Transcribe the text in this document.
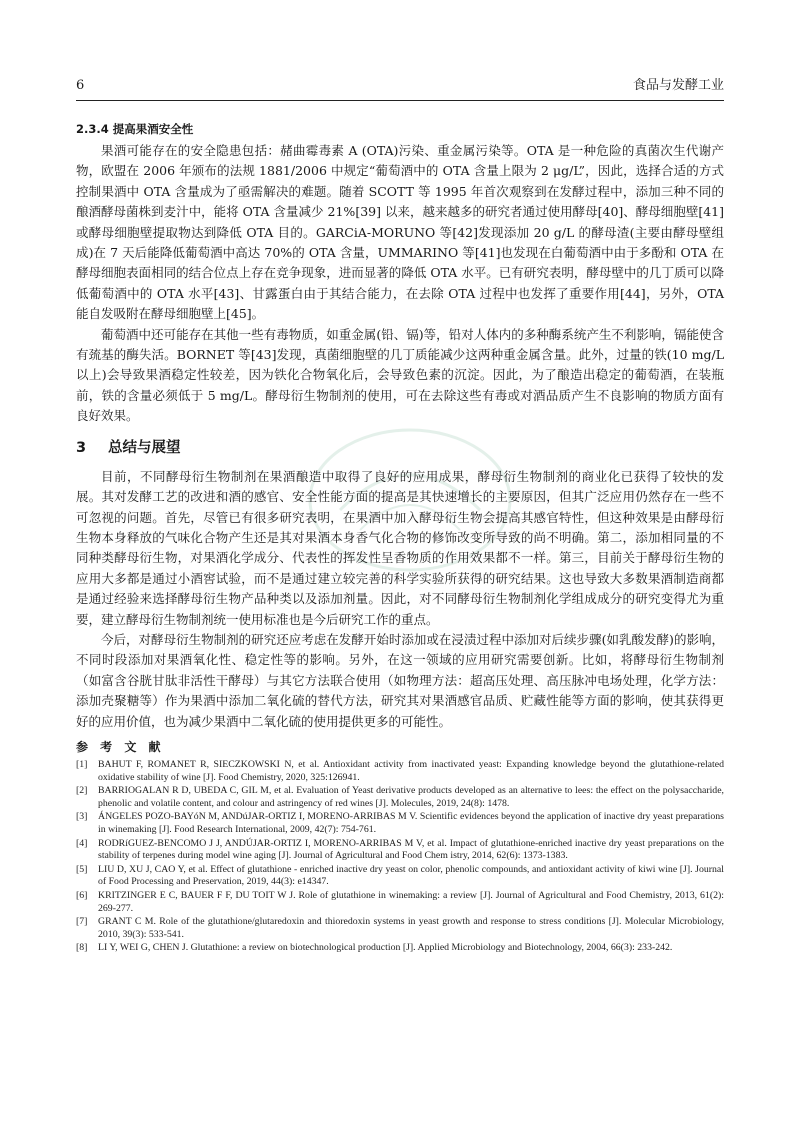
6	食品与发酵工业
2.3.4 提高果酒安全性

果酒可能存在的安全隐患包括：赭曲霉毒素 A (OTA)污染、重金属污染等。OTA 是一种危险的真菌次生代谢产物，欧盟在 2006 年颁布的法规 1881/2006 中规定“葡萄酒中的 OTA 含量上限为 2 μg/L”，因此，选择合适的方式控制果酒中 OTA 含量成为了亟需解决的难题。随着 SCOTT 等 1995 年首次观察到在发酵过程中，添加三种不同的酿酒酵母菌株到麦汁中，能将 OTA 含量减少 21%[39] 以来，越来越多的研究者通过使用酵母[40]、酵母细胞壁[41]或酵母细胞壁提取物达到降低 OTA 目的。GARCiA-MORUNO 等[42]发现添加 20 g/L 的酵母渣(主要由酵母壁组成)在 7 天后能降低葡萄酒中高达 70%的 OTA 含量，UMMARINO 等[41]也发现在白葡萄酒中由于多酚和 OTA 在酵母细胞表面相同的结合位点上存在竞争现象，进而显著的降低 OTA 水平。已有研究表明，酵母壁中的几丁质可以降低葡萄酒中的 OTA 水平[43]、甘露蛋白由于其结合能力，在去除 OTA 过程中也发挥了重要作用[44]，另外，OTA 能自发吸附在酵母细胞壁上[45]。

葡萄酒中还可能存在其他一些有毒物质，如重金属(铅、镉)等，铅对人体内的多种酶系统产生不利影响，镉能使含有巯基的酶失活。BORNET 等[43]发现，真菌细胞壁的几丁质能减少这两种重金属含量。此外，过量的铁(10 mg/L 以上)会导致果酒稳定性较差，因为铁化合物氧化后，会导致色素的沉淀。因此，为了酿造出稳定的葡萄酒，在装瓶前，铁的含量必须低于 5 mg/L。酵母衍生物制剂的使用，可在去除这些有毒或对酒品质产生不良影响的物质方面有良好效果。

3 总结与展望

目前，不同酵母衍生物制剂在果酒酿造中取得了良好的应用成果，酵母衍生物制剂的商业化已获得了较快的发展。其对发酵工艺的改进和酒的感官、安全性能方面的提高是其快速增长的主要原因，但其广泛应用仍然存在一些不可忽视的问题。首先，尽管已有很多研究表明，在果酒中加入酵母衍生物会提高其感官特性，但这种效果是由酵母衍生物本身释放的气味化合物产生还是其对果酒本身香气化合物的修饰改变所导致的尚不明确。第二，添加相同量的不同种类酵母衍生物，对果酒化学成分、代表性的挥发性呈香物质的作用效果都不一样。第三，目前关于酵母衍生物的应用大多都是通过小酒窖试验，而不是通过建立较完善的科学实验所获得的研究结果。这也导致大多数果酒制造商都是通过经验来选择酵母衍生物产品种类以及添加剂量。因此，对不同酵母衍生物制剂化学组成成分的研究变得尤为重要，建立酵母衍生物制剂统一使用标准也是今后研究工作的重点。

今后，对酵母衍生物制剂的研究还应考虑在发酵开始时添加或在浸渍过程中添加对后续步骤(如乳酸发酵)的影响，不同时段添加对果酒氧化性、稳定性等的影响。另外，在这一领域的应用研究需要创新。比如，将酵母衍生物制剂（如富含谷胱甘肽非活性干酵母）与其它方法联合使用（如物理方法：超高压处理、高压脉冲电场处理，化学方法：添加壳聚糖等）作为果酒中添加二氧化硫的替代方法，研究其对果酒感官品质、贮藏性能等方面的影响，使其获得更好的应用价值，也为减少果酒中二氧化硫的使用提供更多的可能性。

参 考 文 献
[1]	BAHUT F, ROMANET R, SIECZKOWSKI N, et al. Antioxidant activity from inactivated yeast: Expanding knowledge beyond the glutathione-related oxidative stability of wine [J]. Food Chemistry, 2020, 325:126941.
[2]	BARRIOGALAN R D, UBEDA C, GIL M, et al. Evaluation of Yeast derivative products developed as an alternative to lees: the effect on the polysaccharide, phenolic and volatile content, and colour and astringency of red wines [J]. Molecules, 2019, 24(8): 1478.
[3]	ÁNGELES POZO-BAYóN M, ANDúJAR-ORTIZ I, MORENO-ARRIBAS M V. Scientific evidences beyond the application of inactive dry yeast preparations in winemaking [J]. Food Research International, 2009, 42(7): 754-761.
[4]	RODRíGUEZ-BENCOMO J J, ANDÚJAR-ORTIZ I, MORENO-ARRIBAS M V, et al. Impact of glutathione-enriched inactive dry yeast preparations on the stability of terpenes during model wine aging [J]. Journal of Agricultural and Food Chem istry, 2014, 62(6): 1373-1383.
[5]	LIU D, XU J, CAO Y, et al. Effect of glutathione - enriched inactive dry yeast on color, phenolic compounds, and antioxidant activity of kiwi wine [J]. Journal of Food Processing and Preservation, 2019, 44(3): e14347.
[6]	KRITZINGER E C, BAUER F F, DU TOIT W J. Role of glutathione in winemaking: a review [J]. Journal of Agricultural and Food Chemistry, 2013, 61(2): 269-277.
[7]	GRANT C M. Role of the glutathione/glutaredoxin and thioredoxin systems in yeast growth and response to stress conditions [J]. Molecular Microbiology, 2010, 39(3): 533-541.
[8]	LI Y, WEI G, CHEN J. Glutathione: a review on biotechnological production [J]. Applied Microbiology and Biotechnology, 2004, 66(3): 233-242.
